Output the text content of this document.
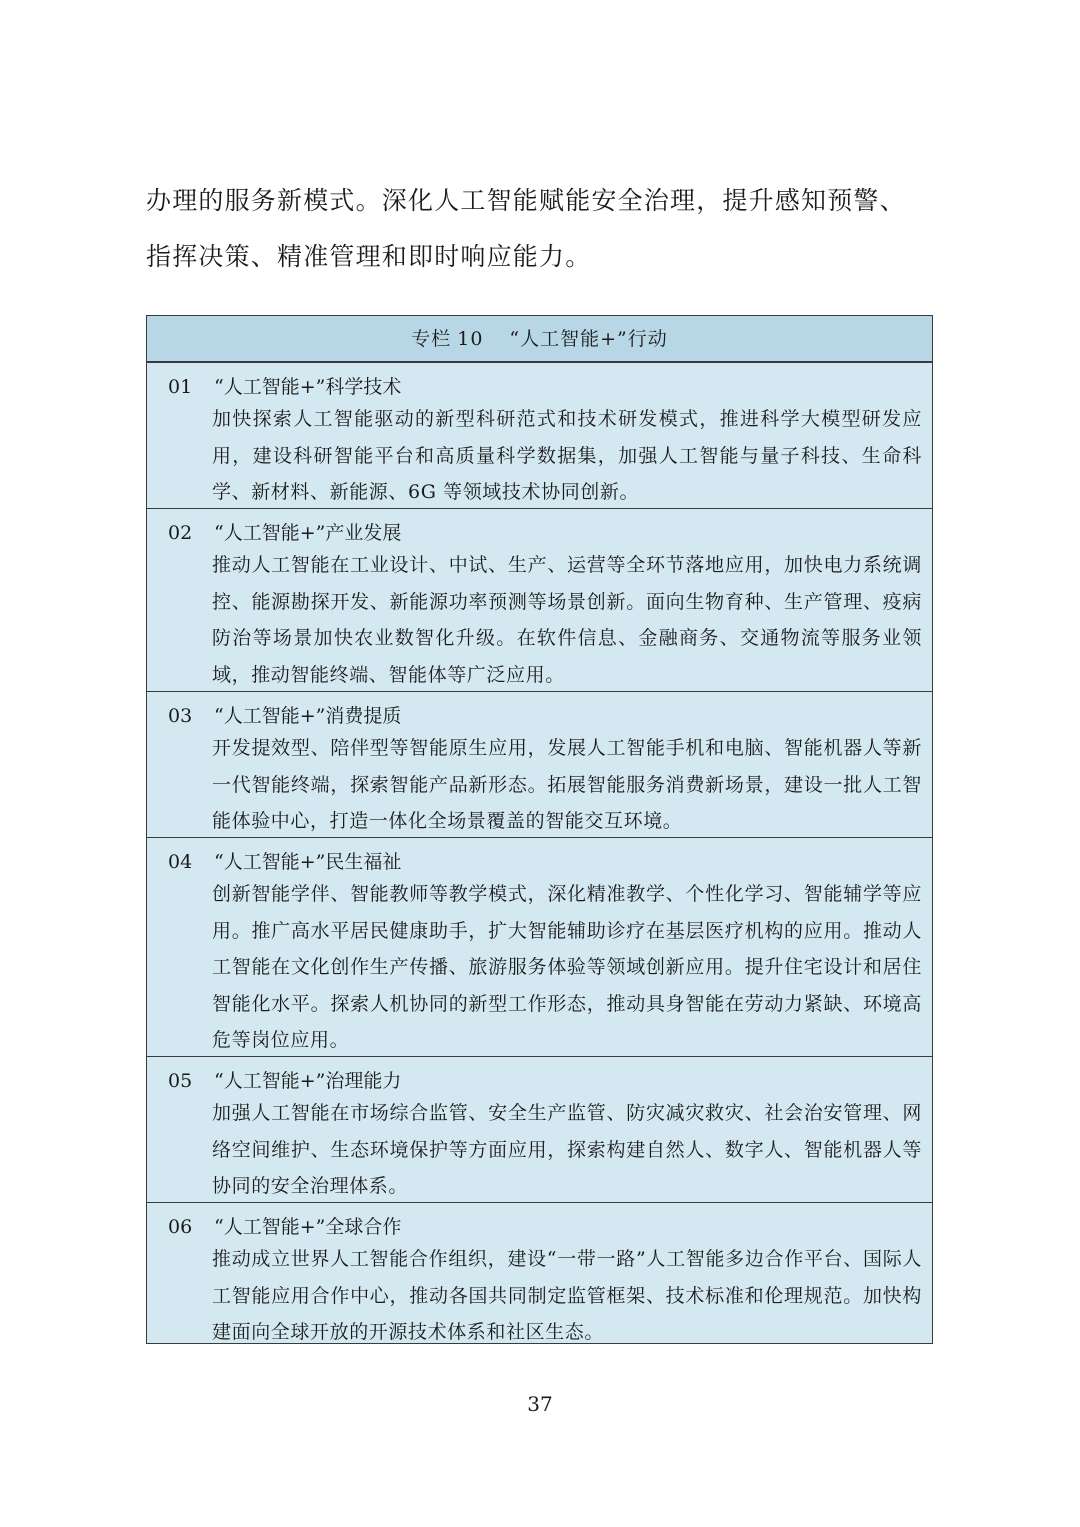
办理的服务新模式。深化人工智能赋能安全治理，提升感知预警、
指挥决策、精准管理和即时响应能力。
专栏 10 “人工智能+”行动
01 “人工智能+”科学技术
加快探索人工智能驱动的新型科研范式和技术研发模式，推进科学大模型研发应用，建设科研智能平台和高质量科学数据集，加强人工智能与量子科技、生命科学、新材料、新能源、6G 等领域技术协同创新。
02 “人工智能+”产业发展
推动人工智能在工业设计、中试、生产、运营等全环节落地应用，加快电力系统调控、能源勘探开发、新能源功率预测等场景创新。面向生物育种、生产管理、疫病防治等场景加快农业数智化升级。在软件信息、金融商务、交通物流等服务业领域，推动智能终端、智能体等广泛应用。
03 “人工智能+”消费提质
开发提效型、陪伴型等智能原生应用，发展人工智能手机和电脑、智能机器人等新一代智能终端，探索智能产品新形态。拓展智能服务消费新场景，建设一批人工智能体验中心，打造一体化全场景覆盖的智能交互环境。
04 “人工智能+”民生福祉
创新智能学伴、智能教师等教学模式，深化精准教学、个性化学习、智能辅学等应用。推广高水平居民健康助手，扩大智能辅助诊疗在基层医疗机构的应用。推动人工智能在文化创作生产传播、旅游服务体验等领域创新应用。提升住宅设计和居住智能化水平。探索人机协同的新型工作形态，推动具身智能在劳动力紧缺、环境高危等岗位应用。
05 “人工智能+”治理能力
加强人工智能在市场综合监管、安全生产监管、防灾减灾救灾、社会治安管理、网络空间维护、生态环境保护等方面应用，探索构建自然人、数字人、智能机器人等协同的安全治理体系。
06 “人工智能+”全球合作
推动成立世界人工智能合作组织，建设“一带一路”人工智能多边合作平台、国际人工智能应用合作中心，推动各国共同制定监管框架、技术标准和伦理规范。加快构建面向全球开放的开源技术体系和社区生态。
37
